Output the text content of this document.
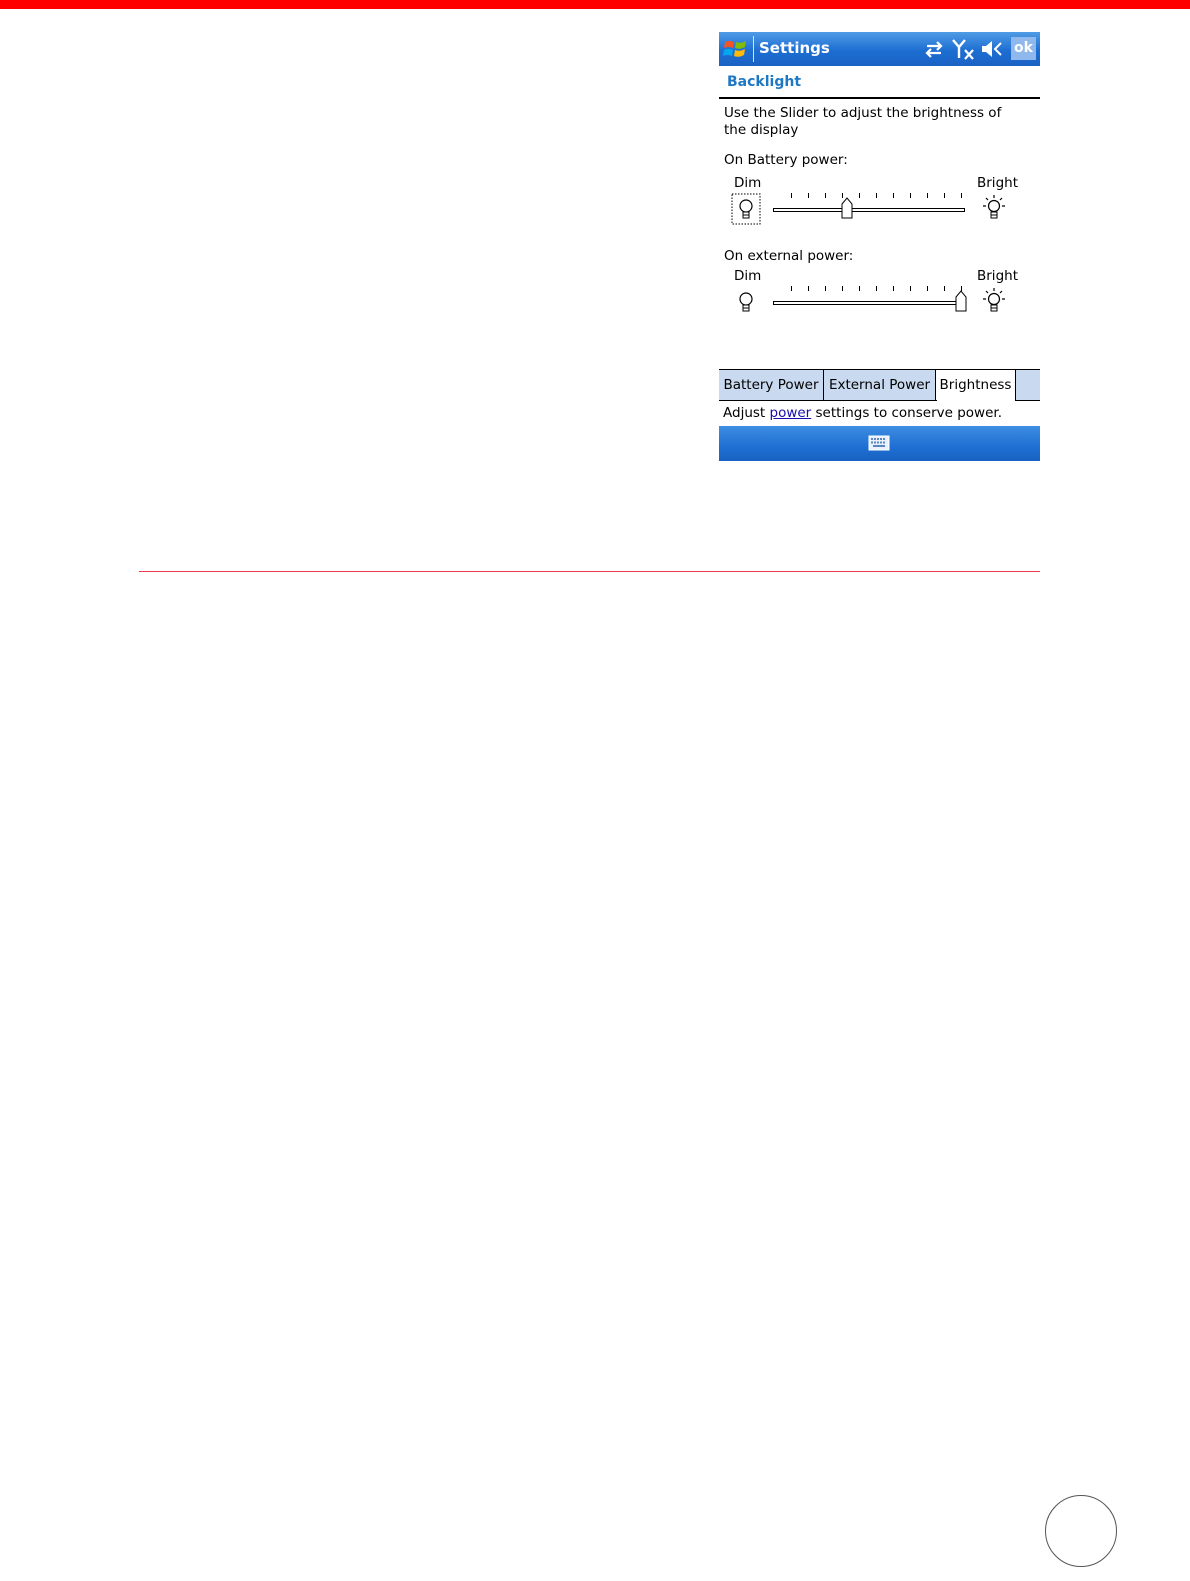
Settings	ok
Backlight
Use the Slider to adjust the brightness of the display
On Battery power:
Dim	Bright
On external power:
Dim	Bright
Battery Power External Power Brightness
Adjust power settings to conserve power.
